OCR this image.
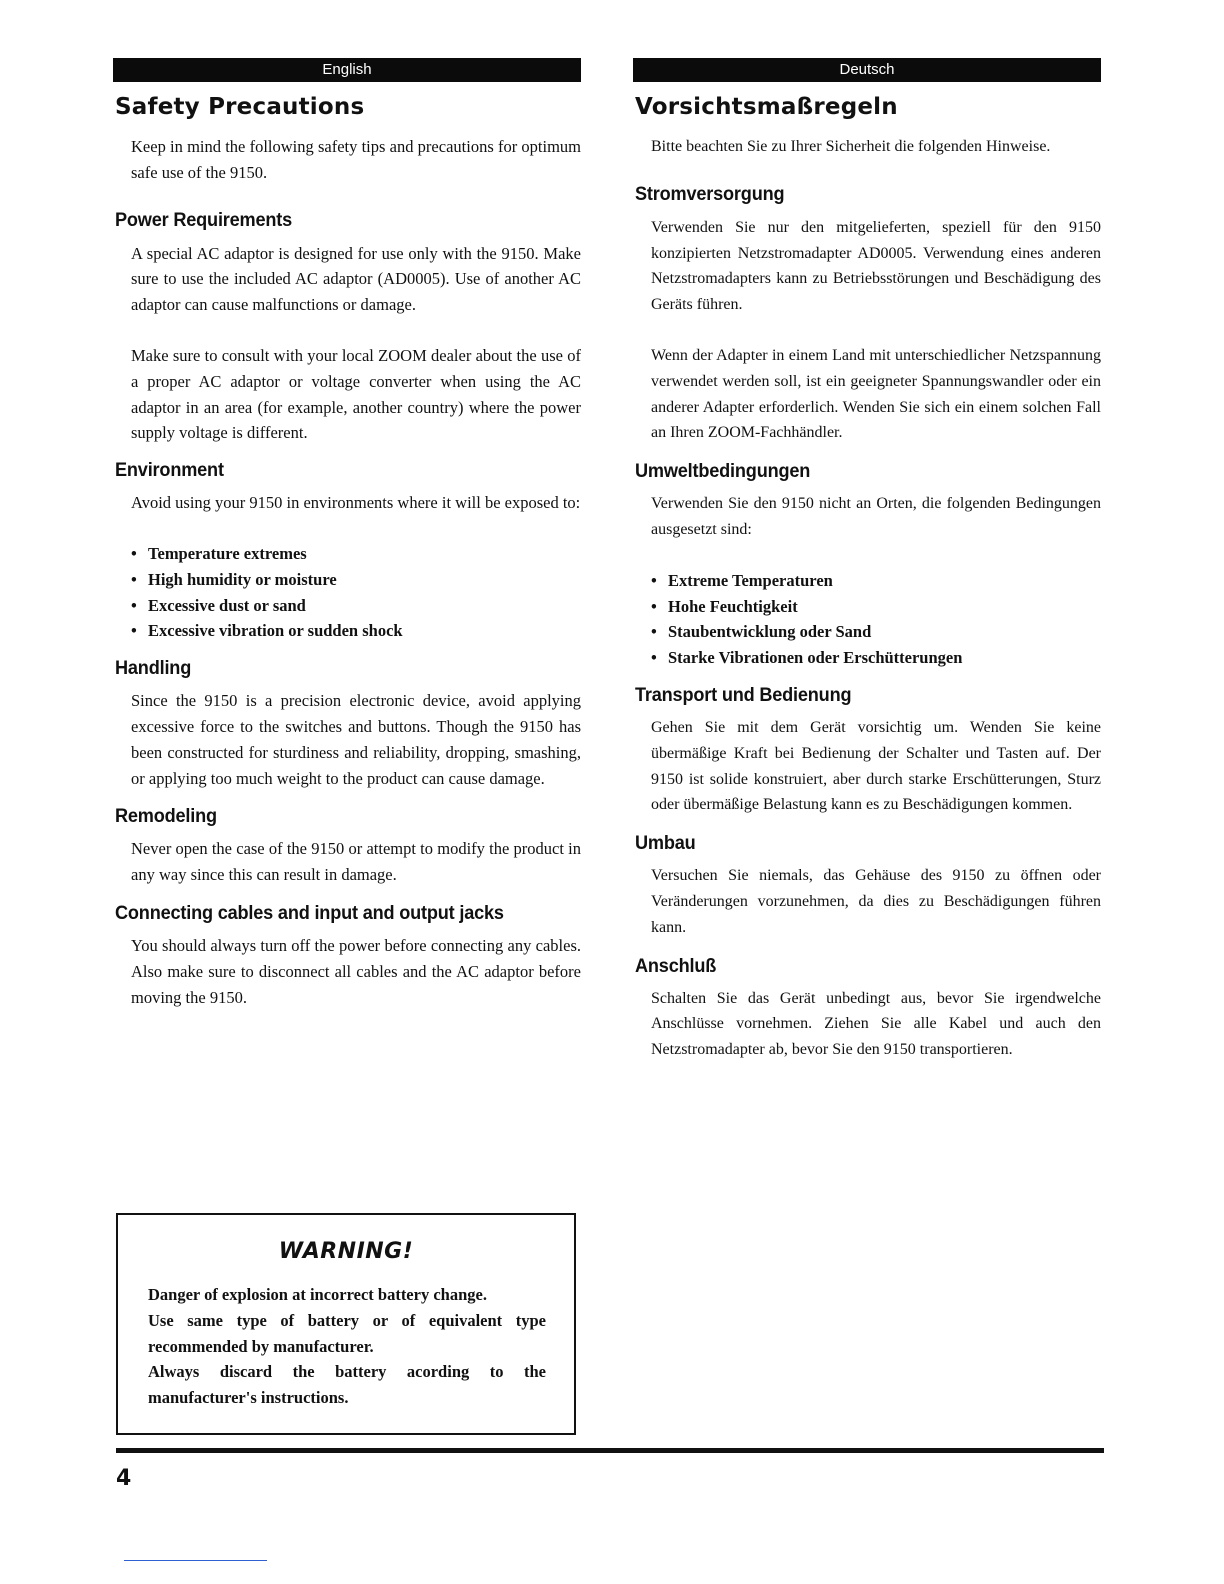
English
Safety Precautions

Keep in mind the following safety tips and precautions for optimum safe use of the 9150.

Power Requirements

A special AC adaptor is designed for use only with the 9150. Make sure to use the included AC adaptor (AD0005). Use of another AC adaptor can cause malfunctions or damage.

Make sure to consult with your local ZOOM dealer about the use of a proper AC adaptor or voltage converter when using the AC adaptor in an area (for example, another country) where the power supply voltage is different.

Environment

Avoid using your 9150 in environments where it will be exposed to:

• Temperature extremes
• High humidity or moisture
• Excessive dust or sand
• Excessive vibration or sudden shock
Handling

Since the 9150 is a precision electronic device, avoid applying excessive force to the switches and buttons. Though the 9150 has been constructed for sturdiness and reliability, dropping, smashing, or applying too much weight to the product can cause damage.

Remodeling

Never open the case of the 9150 or attempt to modify the product in any way since this can result in damage.

Connecting cables and input and output jacks

You should always turn off the power before connecting any cables. Also make sure to disconnect all cables and the AC adaptor before moving the 9150.

Deutsch
Vorsichtsmaßregeln

Bitte beachten Sie zu Ihrer Sicherheit die folgenden Hinweise.

Stromversorgung

Verwenden Sie nur den mitgelieferten, speziell für den 9150 konzipierten Netzstromadapter AD0005. Verwendung eines anderen Netzstromadapters kann zu Betriebsstörungen und Beschädigung des Geräts führen.

Wenn der Adapter in einem Land mit unterschiedlicher Netzspannung verwendet werden soll, ist ein geeigneter Spannungswandler oder ein anderer Adapter erforderlich. Wenden Sie sich ein einem solchen Fall an Ihren ZOOM-Fachhändler.

Umweltbedingungen

Verwenden Sie den 9150 nicht an Orten, die folgenden Bedingungen ausgesetzt sind:

• Extreme Temperaturen
• Hohe Feuchtigkeit
• Staubentwicklung oder Sand
• Starke Vibrationen oder Erschütterungen
Transport und Bedienung

Gehen Sie mit dem Gerät vorsichtig um. Wenden Sie keine übermäßige Kraft bei Bedienung der Schalter und Tasten auf. Der 9150 ist solide konstruiert, aber durch starke Erschütterungen, Sturz oder übermäßige Belastung kann es zu Beschädigungen kommen.

Umbau

Versuchen Sie niemals, das Gehäuse des 9150 zu öffnen oder Veränderungen vorzunehmen, da dies zu Beschädigungen führen kann.

Anschluß

Schalten Sie das Gerät unbedingt aus, bevor Sie irgendwelche Anschlüsse vornehmen. Ziehen Sie alle Kabel und auch den Netzstromadapter ab, bevor Sie den 9150 transportieren.

WARNING!
Danger of explosion at incorrect battery change.
Use same type of battery or of equivalent type recommended by manufacturer.
Always discard the battery acording to the manufacturer's instructions.
4
